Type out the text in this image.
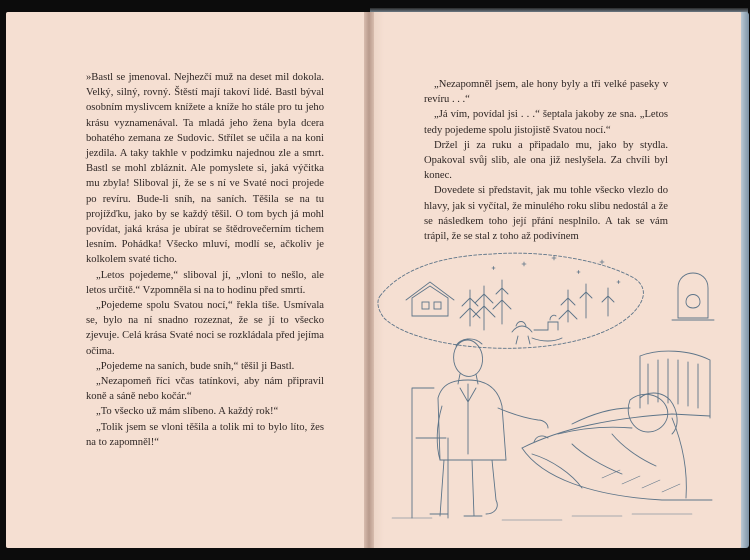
»Bastl se jmenoval. Nejhezčí muž na deset mil dokola. Velký, silný, rovný. Štěstí mají takoví lidé. Bastl býval osobním myslivcem knížete a kníže ho stále pro tu jeho krásu vyznamenával. Ta mladá jeho žena byla dcera bohatého zemana ze Sudovic. Střílet se učila a na koni jezdila. A taky takhle v podzimku najednou zle a smrt. Bastl se mohl zbláznit. Ale pomyslete si, jaká výčitka mu zbyla! Sliboval jí, že se s ní ve Svaté noci projede po revíru. Bude-li sníh, na saních. Těšila se na tu projížďku, jako by se každý těšil. O tom bych já mohl povídat, jaká krása je ubírat se štědrovečerním tichem lesním. Pohádka! Všecko mluví, modlí se, ačkoliv je kolkolem svaté ticho.

„Letos pojedeme,“ sliboval jí, „vloni to nešlo, ale letos určitě.“ Vzpomněla si na to hodinu před smrtí.

„Pojedeme spolu Svatou nocí,“ řekla tiše. Usmívala se, bylo na ní snadno rozeznat, že se jí to všecko zjevuje. Celá krása Svaté noci se rozkládala před jejíma očima.

„Pojedeme na saních, bude sníh,“ těšil ji Bastl.

„Nezapomeň říci včas tatínkovi, aby nám připravil koně a sáně nebo kočár.“

„To všecko už mám slíbeno. A každý rok!“

„Tolik jsem se vloni těšila a tolik mi to bylo líto, žes na to zapomněl!“

„Nezapomněl jsem, ale hony byly a tři velké paseky v revíru . . .“

„Já vím, povídal jsi . . .“ šeptala jakoby ze sna. „Letos tedy pojedeme spolu jistojistě Svatou nocí.“

Držel ji za ruku a připadalo mu, jako by stydla. Opakoval svůj slib, ale ona již neslyšela. Za chvíli byl konec.

Dovedete si představit, jak mu tohle všecko vlezlo do hlavy, jak si vyčítal, že minulého roku slibu nedostál a že se následkem toho její přání nesplnilo. A tak se vám trápil, že se stal z toho až podivínem
